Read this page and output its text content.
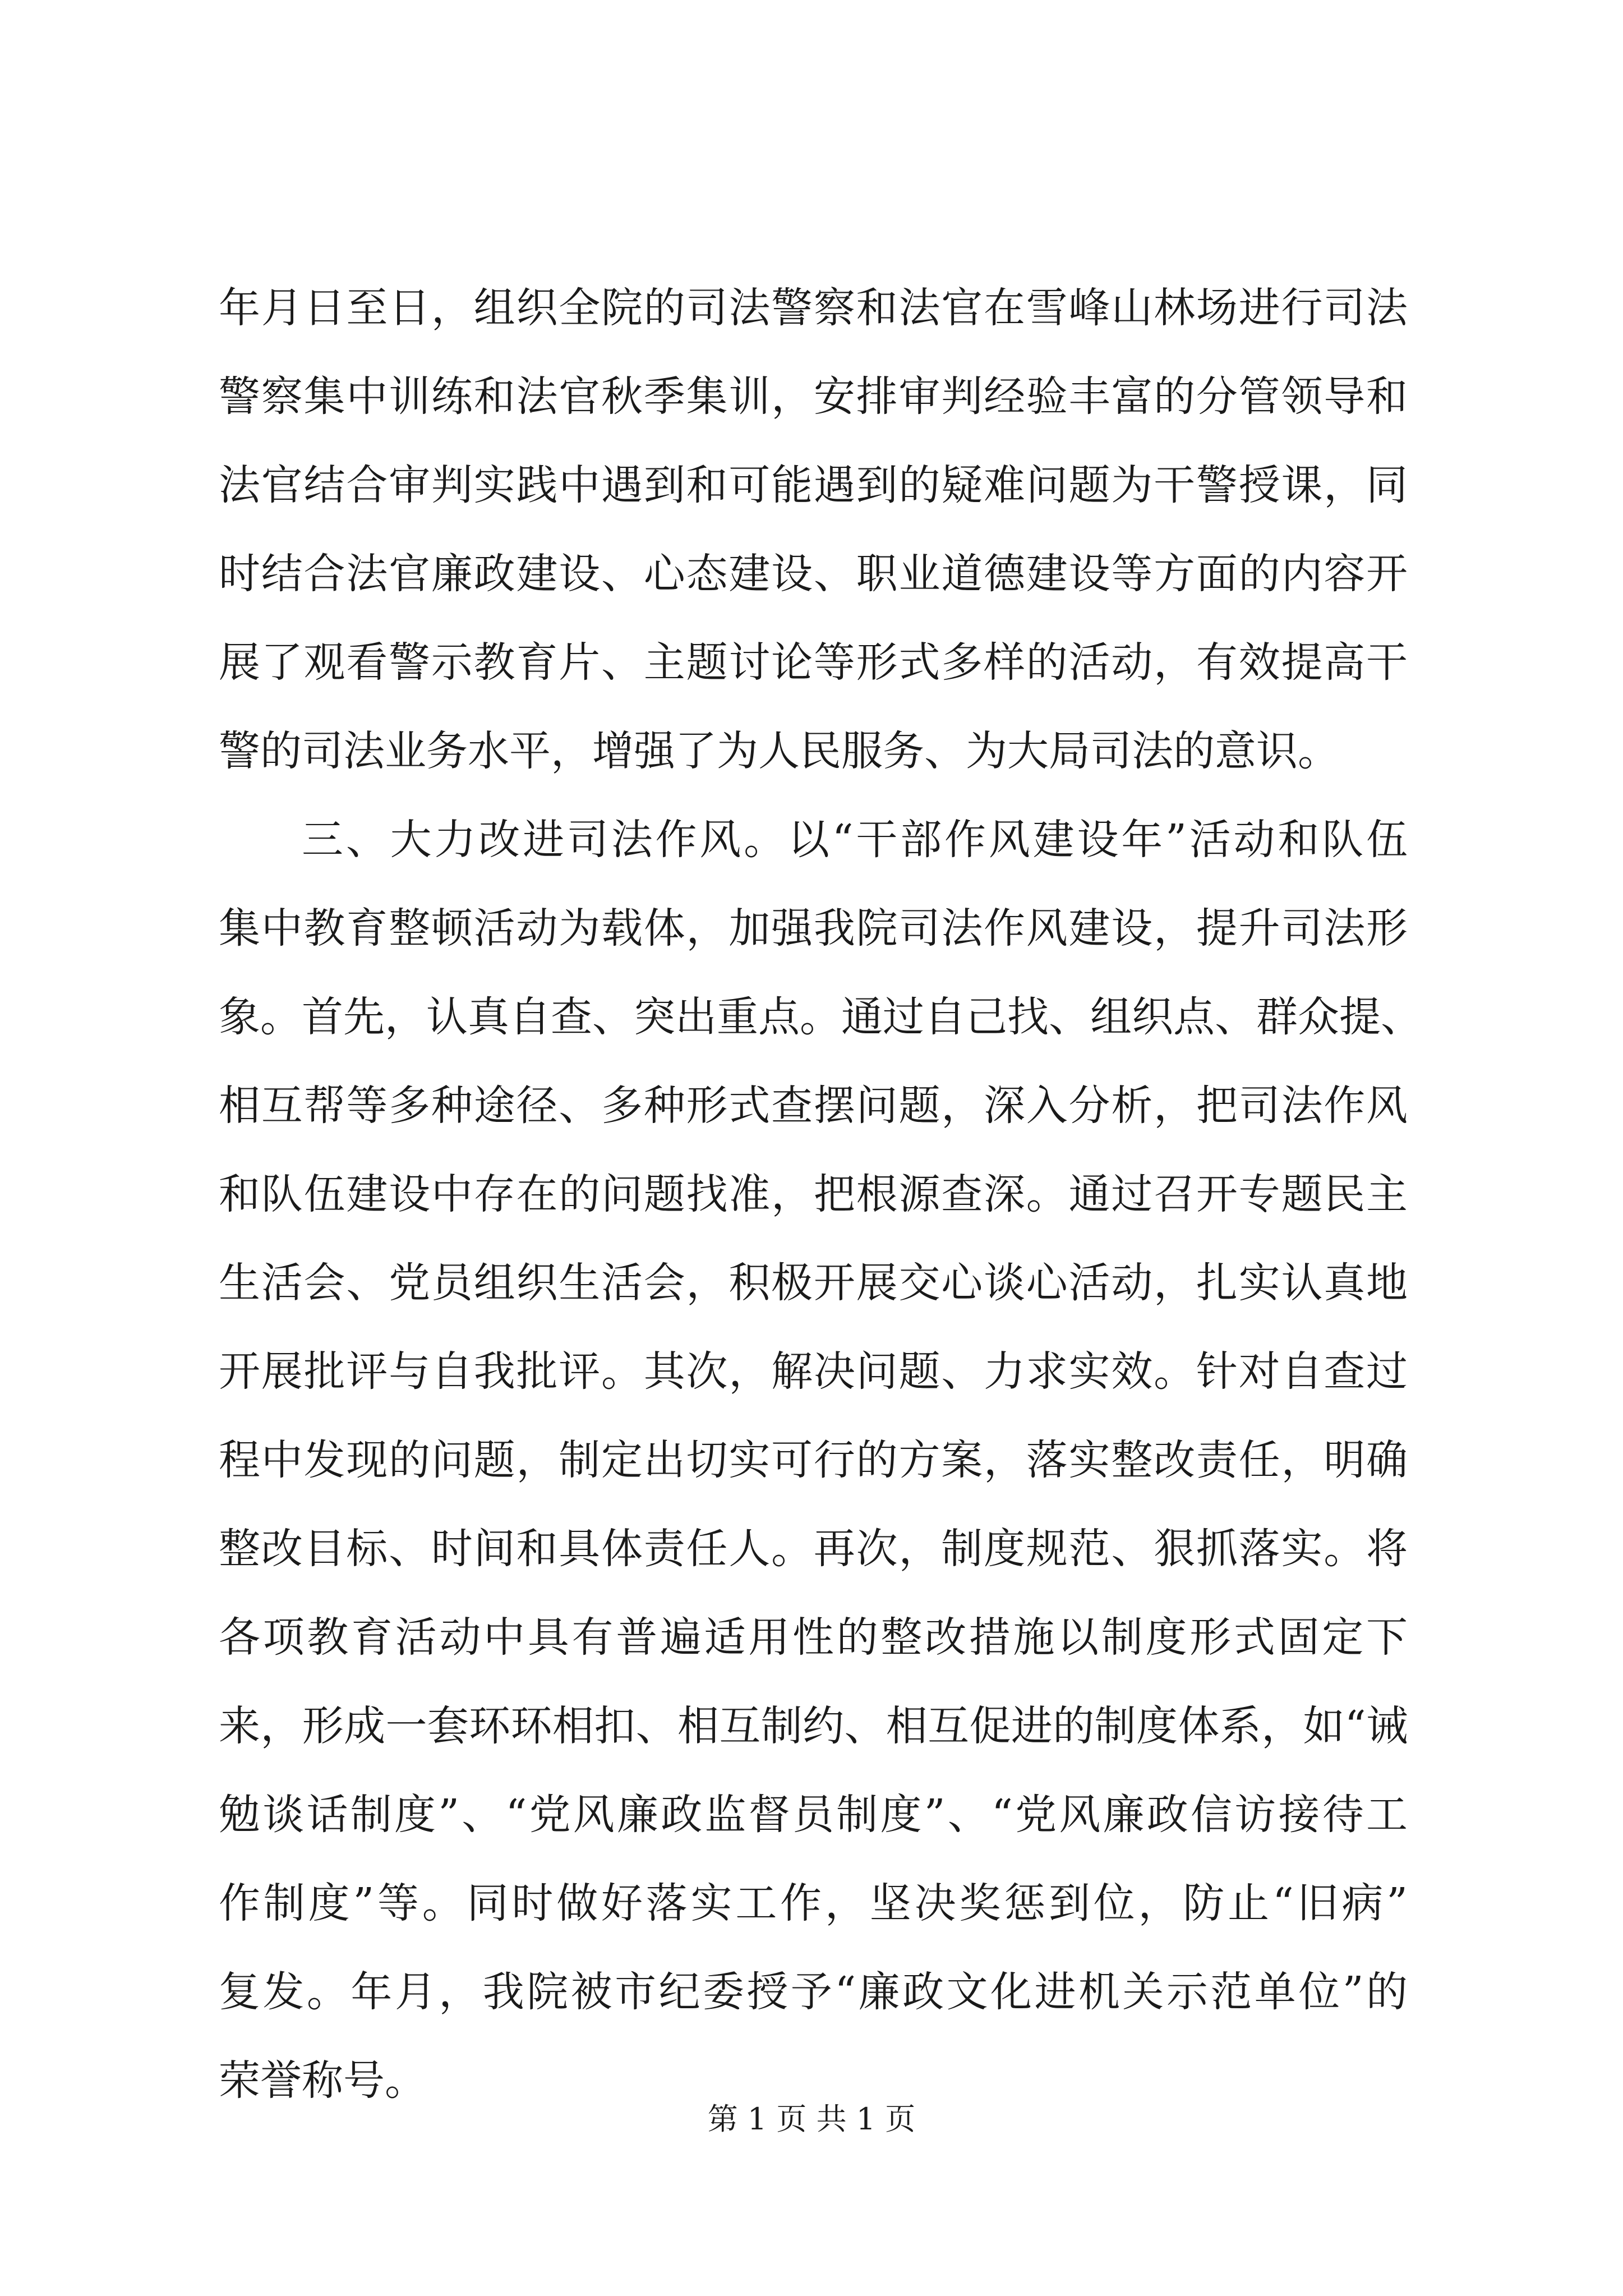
年月日至日，组织全院的司法警察和法官在雪峰山林场进行司法
警察集中训练和法官秋季集训，安排审判经验丰富的分管领导和
法官结合审判实践中遇到和可能遇到的疑难问题为干警授课，同
时结合法官廉政建设、心态建设、职业道德建设等方面的内容开
展了观看警示教育片、主题讨论等形式多样的活动，有效提高干
警的司法业务水平，增强了为人民服务、为大局司法的意识。
三、大力改进司法作风。以“干部作风建设年”活动和队伍
集中教育整顿活动为载体，加强我院司法作风建设，提升司法形
象。首先，认真自查、突出重点。通过自己找、组织点、群众提、
相互帮等多种途径、多种形式查摆问题，深入分析，把司法作风
和队伍建设中存在的问题找准，把根源查深。通过召开专题民主
生活会、党员组织生活会，积极开展交心谈心活动，扎实认真地
开展批评与自我批评。其次，解决问题、力求实效。针对自查过
程中发现的问题，制定出切实可行的方案，落实整改责任，明确
整改目标、时间和具体责任人。再次，制度规范、狠抓落实。将
各项教育活动中具有普遍适用性的整改措施以制度形式固定下
来，形成一套环环相扣、相互制约、相互促进的制度体系，如“诫
勉谈话制度”、“党风廉政监督员制度”、“党风廉政信访接待工
作制度”等。同时做好落实工作，坚决奖惩到位，防止“旧病”
复发。年月，我院被市纪委授予“廉政文化进机关示范单位”的
荣誉称号。
第 1 页 共 1 页
